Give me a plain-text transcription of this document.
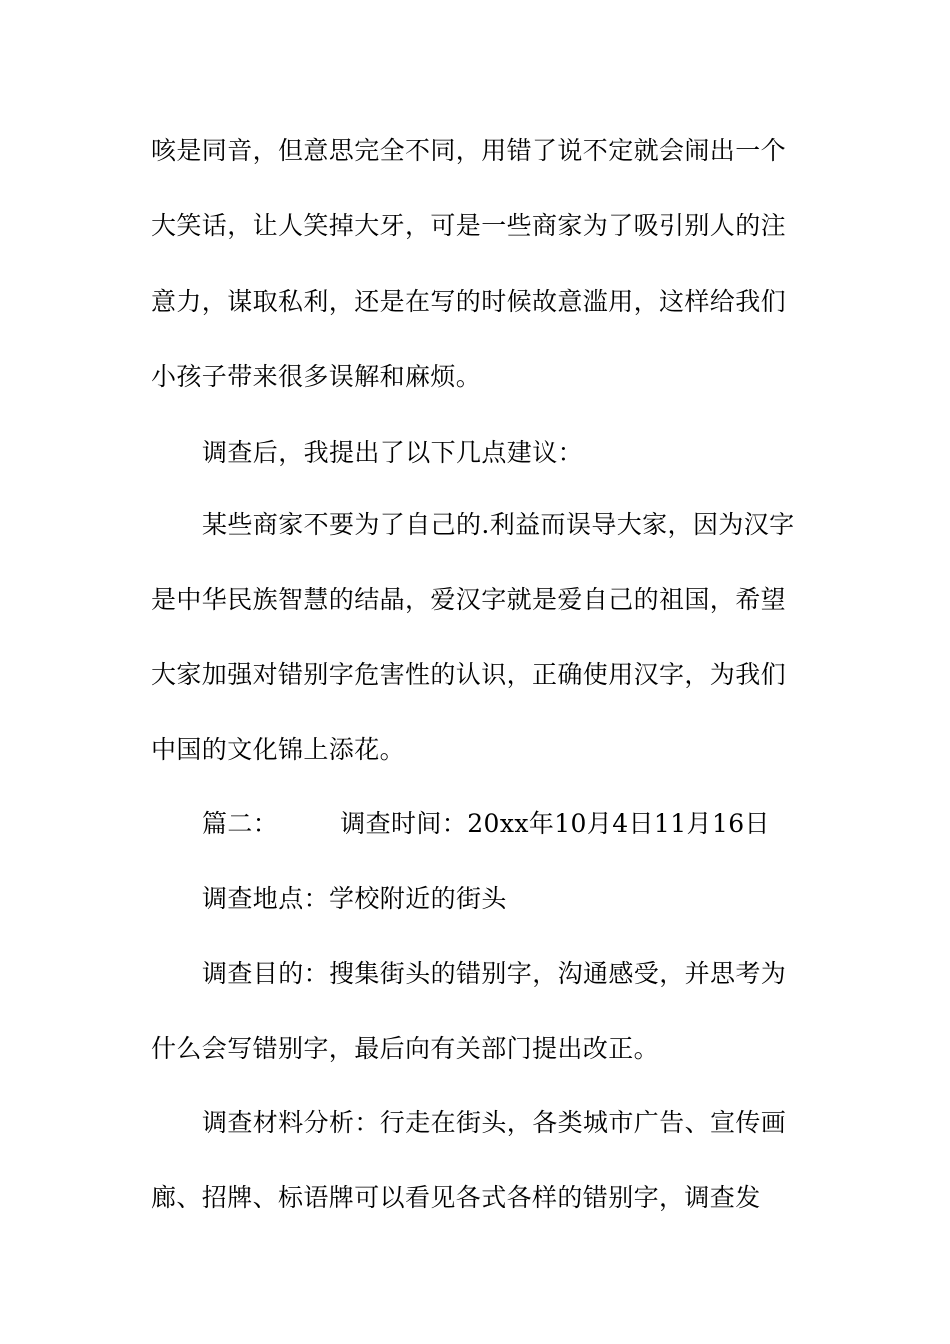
咳是同音，但意思完全不同，用错了说不定就会闹出一个
大笑话，让人笑掉大牙，可是一些商家为了吸引别人的注
意力，谋取私利，还是在写的时候故意滥用，这样给我们
小孩子带来很多误解和麻烦。
调查后，我提出了以下几点建议：
某些商家不要为了自己的.利益而误导大家，因为汉字
是中华民族智慧的结晶，爱汉字就是爱自己的祖国，希望
大家加强对错别字危害性的认识，正确使用汉字，为我们
中国的文化锦上添花。
篇二： 调查时间：20xx年10月4日11月16日
调查地点：学校附近的街头
调查目的：搜集街头的错别字，沟通感受，并思考为
什么会写错别字，最后向有关部门提出改正。
调查材料分析：行走在街头，各类城市广告、宣传画
廊、招牌、标语牌可以看见各式各样的错别字，调查发
